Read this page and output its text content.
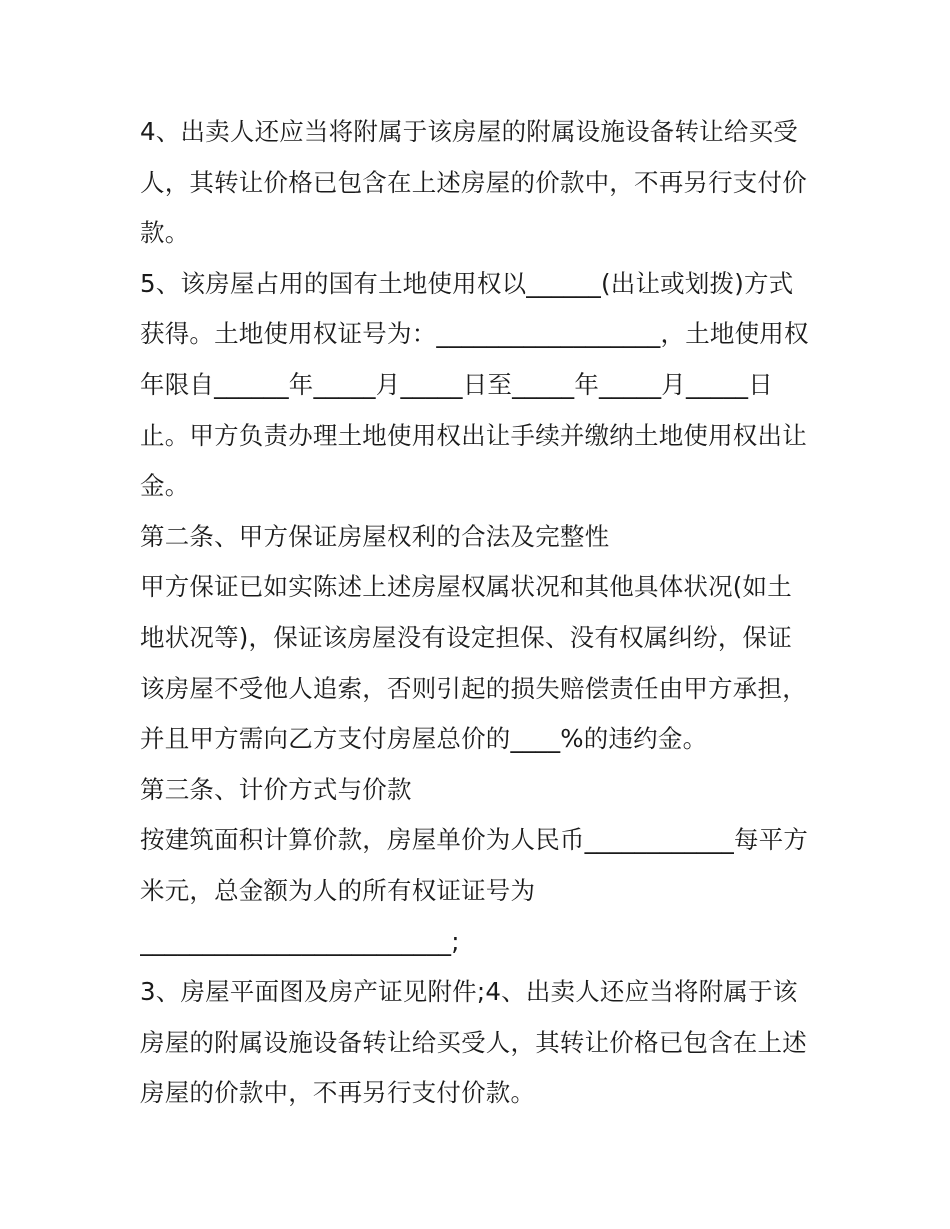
4、出卖人还应当将附属于该房屋的附属设施设备转让给买受
人，其转让价格已包含在上述房屋的价款中，不再另行支付价
款。
5、该房屋占用的国有土地使用权以______(出让或划拨)方式
获得。土地使用权证号为：__________________，土地使用权
年限自______年_____月_____日至_____年_____月_____日
止。甲方负责办理土地使用权出让手续并缴纳土地使用权出让
金。
第二条、甲方保证房屋权利的合法及完整性
甲方保证已如实陈述上述房屋权属状况和其他具体状况(如土
地状况等)，保证该房屋没有设定担保、没有权属纠纷，保证
该房屋不受他人追索，否则引起的损失赔偿责任由甲方承担，
并且甲方需向乙方支付房屋总价的____%的违约金。
第三条、计价方式与价款
按建筑面积计算价款，房屋单价为人民币____________每平方
米元，总金额为人的所有权证证号为
_________________________;
3、房屋平面图及房产证见附件;4、出卖人还应当将附属于该
房屋的附属设施设备转让给买受人，其转让价格已包含在上述
房屋的价款中，不再另行支付价款。
